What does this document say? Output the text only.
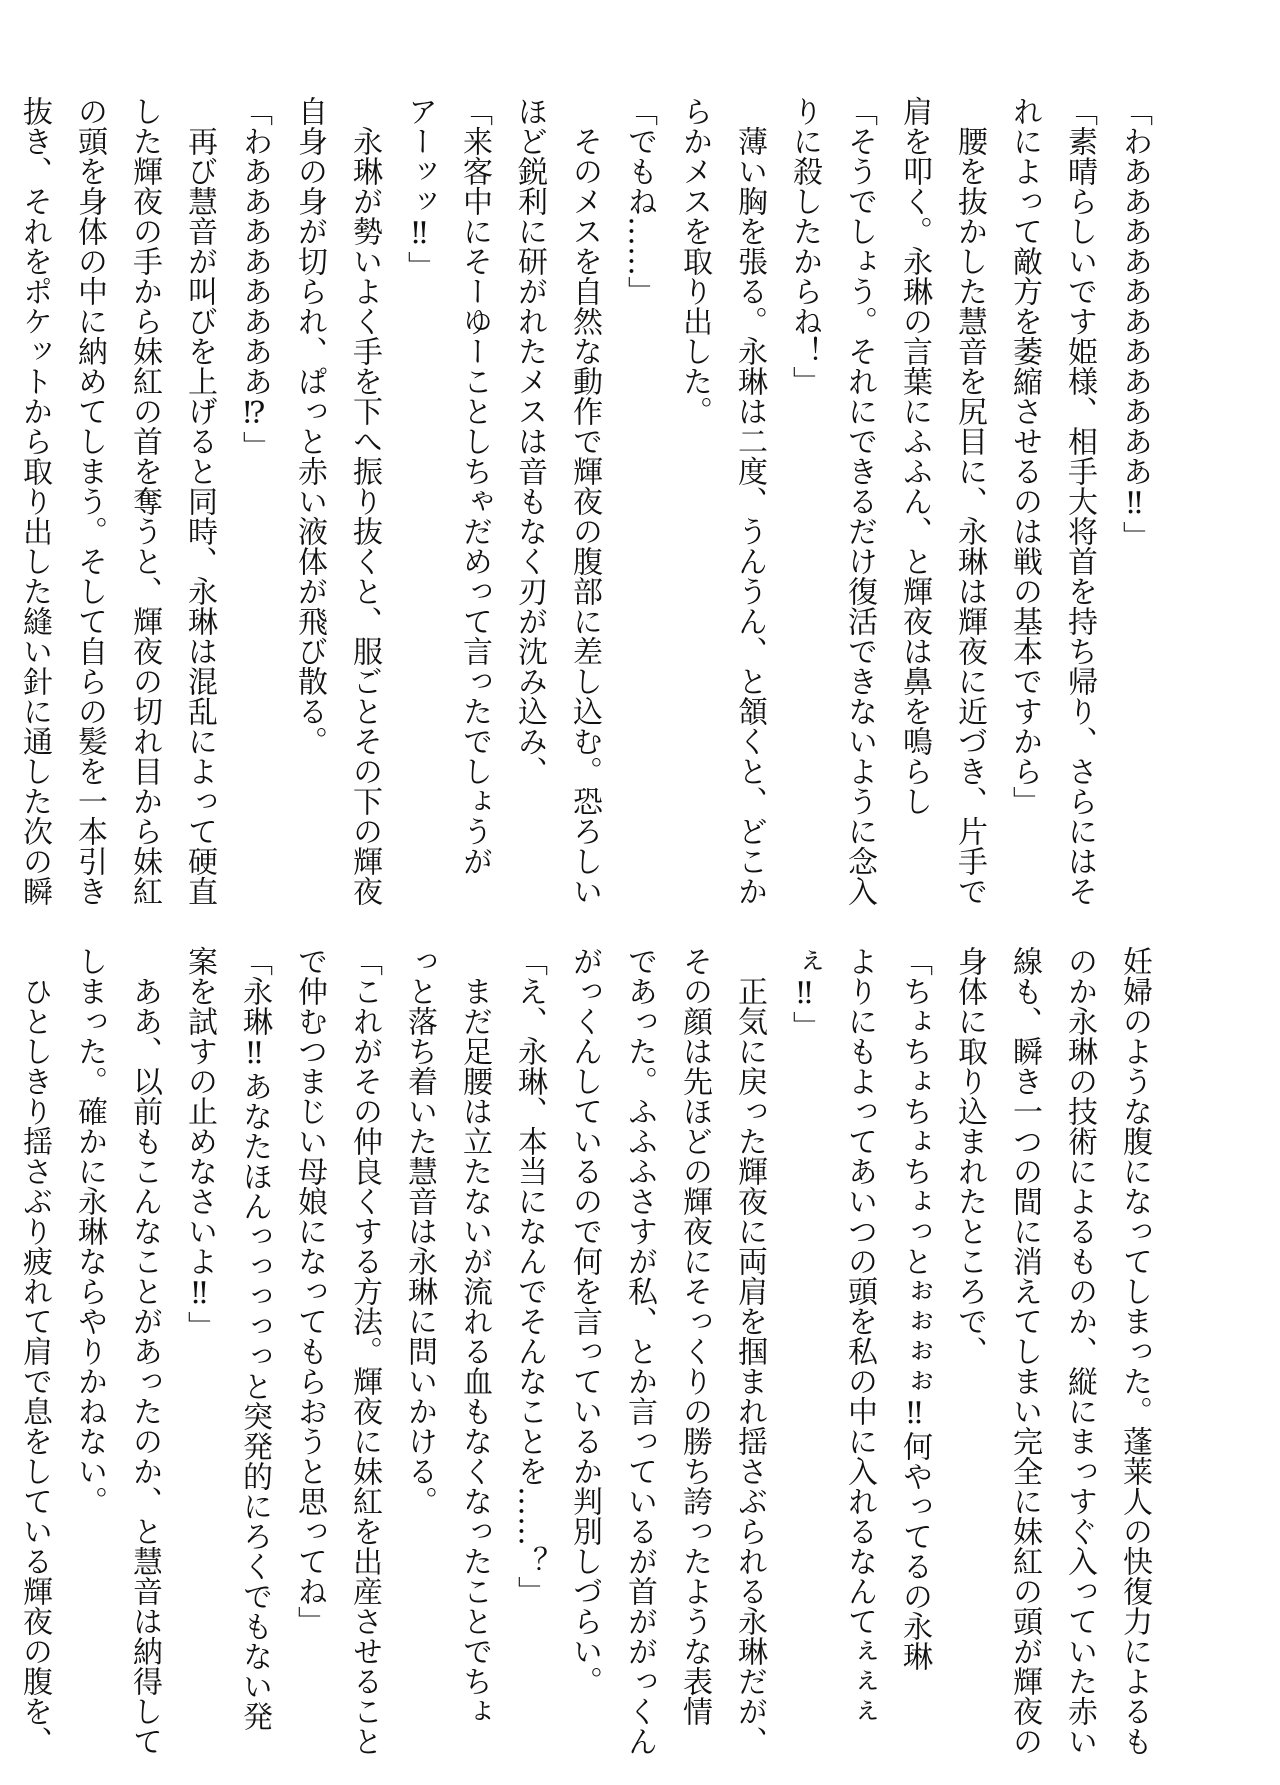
「わあああああああああああ‼」
「素晴らしいです姫様、相手大将首を持ち帰り、さらにはそ
れによって敵方を萎縮させるのは戦の基本ですから」
　腰を抜かした慧音を尻目に、永琳は輝夜に近づき、片手で
肩を叩く。永琳の言葉にふふん、と輝夜は鼻を鳴らし
「そうでしょう。それにできるだけ復活できないように念入
りに殺したからね！」
　薄い胸を張る。永琳は二度、うんうん、と頷くと、どこか
らかメスを取り出した。
「でもね……」
　そのメスを自然な動作で輝夜の腹部に差し込む。恐ろしい
ほど鋭利に研がれたメスは音もなく刃が沈み込み、
「来客中にそーゆーことしちゃだめって言ったでしょうが
アーッッ‼」
　永琳が勢いよく手を下へ振り抜くと、服ごとその下の輝夜
自身の身が切られ、ぱっと赤い液体が飛び散る。
「わああああああああ⁉」
　再び慧音が叫びを上げると同時、永琳は混乱によって硬直
した輝夜の手から妹紅の首を奪うと、輝夜の切れ目から妹紅
の頭を身体の中に納めてしまう。そして自らの髪を一本引き
抜き、それをポケットから取り出した縫い針に通した次の瞬
妊婦のような腹になってしまった。蓬莱人の快復力によるも
のか永琳の技術によるものか、縦にまっすぐ入っていた赤い
線も、瞬き一つの間に消えてしまい完全に妹紅の頭が輝夜の
身体に取り込まれたところで、
「ちょちょちょちょっとぉぉぉぉ‼何やってるの永琳
よりにもよってあいつの頭を私の中に入れるなんてぇぇぇ
ぇ‼」
　正気に戻った輝夜に両肩を掴まれ揺さぶられる永琳だが、
その顔は先ほどの輝夜にそっくりの勝ち誇ったような表情
であった。ふふふさすが私、とか言っているが首ががっくん
がっくんしているので何を言っているか判別しづらい。
「え、永琳、本当になんでそんなことを……？」
　まだ足腰は立たないが流れる血もなくなったことでちょ
っと落ち着いた慧音は永琳に問いかける。
「これがその仲良くする方法。輝夜に妹紅を出産させること
で仲むつまじい母娘になってもらおうと思ってね」
「永琳‼あなたほんっっっっっと突発的にろくでもない発
案を試すの止めなさいよ‼」
　ああ、以前もこんなことがあったのか、と慧音は納得して
しまった。確かに永琳ならやりかねない。
　ひとしきり揺さぶり疲れて肩で息をしている輝夜の腹を、
